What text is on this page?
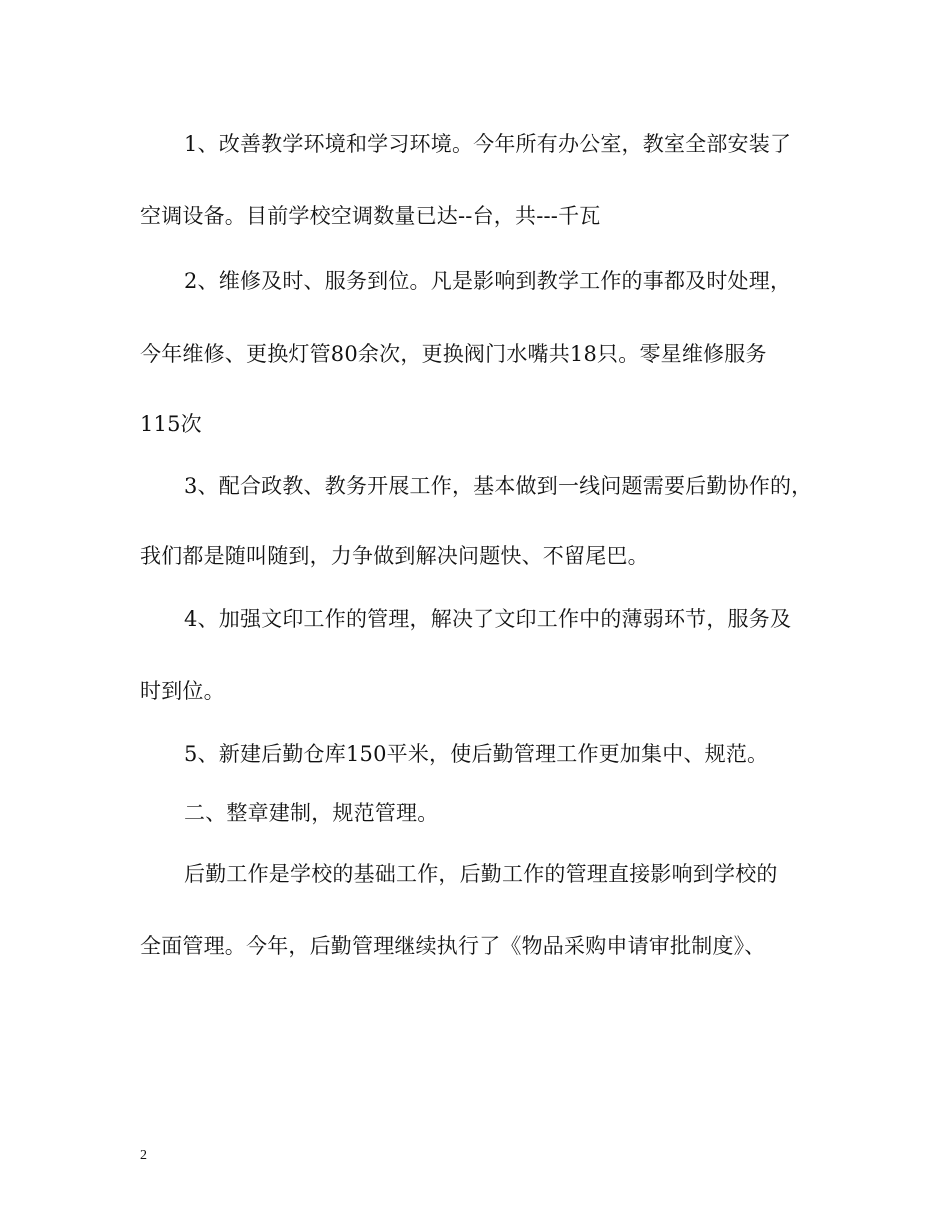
1、改善教学环境和学习环境。今年所有办公室，教室全部安装了

空调设备。目前学校空调数量已达--台，共---千瓦

2、维修及时、服务到位。凡是影响到教学工作的事都及时处理，

今年维修、更换灯管80余次，更换阀门水嘴共18只。零星维修服务

115次

3、配合政教、教务开展工作，基本做到一线问题需要后勤协作的，

我们都是随叫随到，力争做到解决问题快、不留尾巴。

4、加强文印工作的管理，解决了文印工作中的薄弱环节，服务及

时到位。

5、新建后勤仓库150平米，使后勤管理工作更加集中、规范。

二、整章建制，规范管理。

后勤工作是学校的基础工作，后勤工作的管理直接影响到学校的

全面管理。今年，后勤管理继续执行了《物品采购申请审批制度》、

2
